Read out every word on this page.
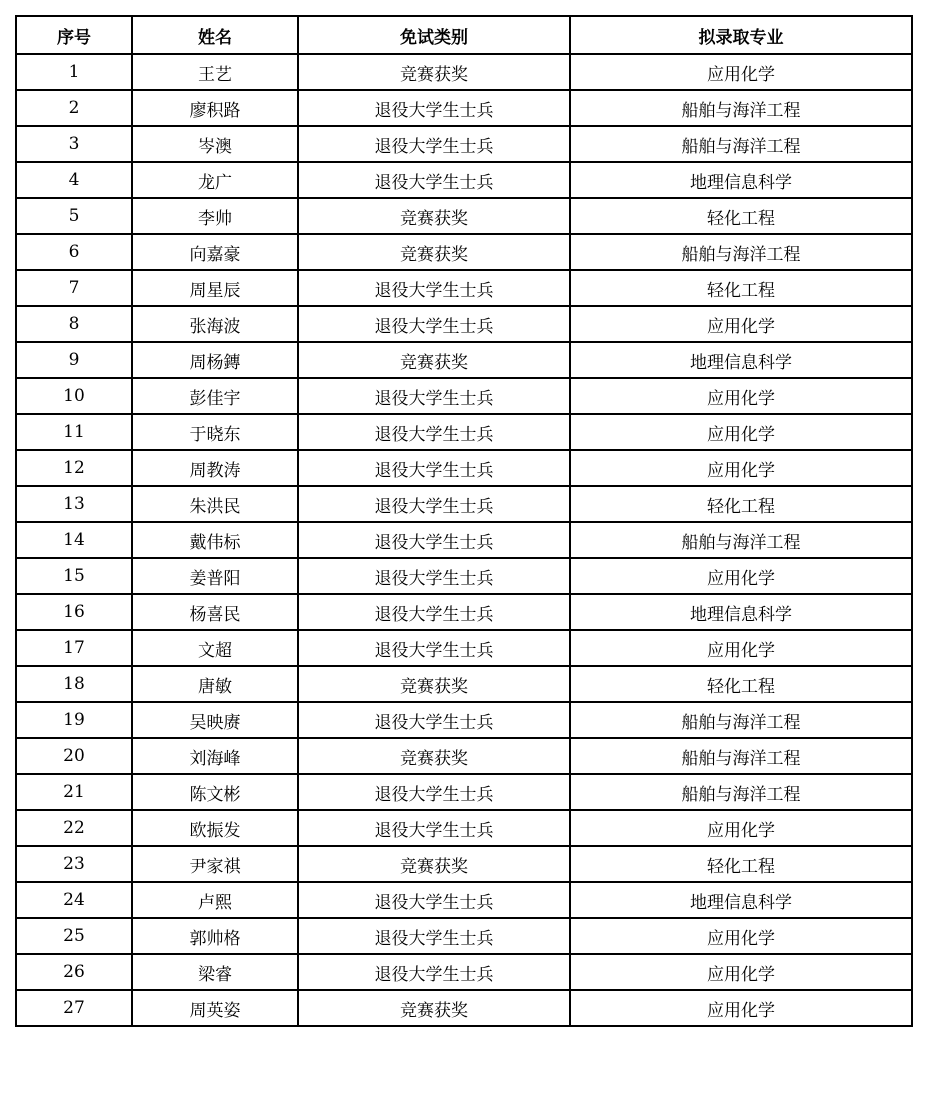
序号	姓名	免试类别	拟录取专业
1	王艺	竞赛获奖	应用化学
2	廖积路	退役大学生士兵	船舶与海洋工程
3	岑澳	退役大学生士兵	船舶与海洋工程
4	龙广	退役大学生士兵	地理信息科学
5	李帅	竞赛获奖	轻化工程
6	向嘉豪	竞赛获奖	船舶与海洋工程
7	周星辰	退役大学生士兵	轻化工程
8	张海波	退役大学生士兵	应用化学
9	周杨鏄	竞赛获奖	地理信息科学
10	彭佳宇	退役大学生士兵	应用化学
11	于晓东	退役大学生士兵	应用化学
12	周教涛	退役大学生士兵	应用化学
13	朱洪民	退役大学生士兵	轻化工程
14	戴伟标	退役大学生士兵	船舶与海洋工程
15	姜普阳	退役大学生士兵	应用化学
16	杨喜民	退役大学生士兵	地理信息科学
17	文超	退役大学生士兵	应用化学
18	唐敏	竞赛获奖	轻化工程
19	吴映赓	退役大学生士兵	船舶与海洋工程
20	刘海峰	竞赛获奖	船舶与海洋工程
21	陈文彬	退役大学生士兵	船舶与海洋工程
22	欧振发	退役大学生士兵	应用化学
23	尹家祺	竞赛获奖	轻化工程
24	卢熙	退役大学生士兵	地理信息科学
25	郭帅格	退役大学生士兵	应用化学
26	梁睿	退役大学生士兵	应用化学
27	周英姿	竞赛获奖	应用化学
